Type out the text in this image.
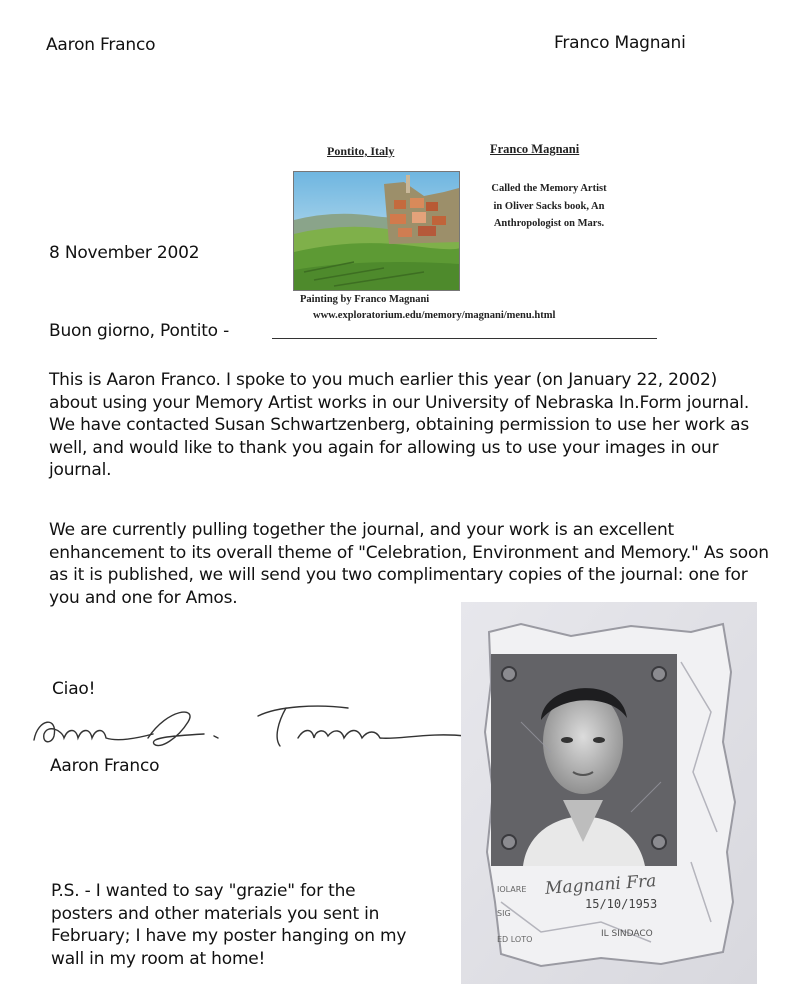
Aaron Franco	Franco Magnani
Pontito, Italy	Franco Magnani
Called the Memory Artist in Oliver Sacks book, An Anthropologist on Mars.
Painting by Franco Magnani
www.exploratorium.edu/memory/magnani/menu.html
8 November 2002
Buon giorno, Pontito -
This is Aaron Franco. I spoke to you much earlier this year (on January 22, 2002) about using your Memory Artist works in our University of Nebraska In.Form journal. We have contacted Susan Schwartzenberg, obtaining permission to use her work as well, and would like to thank you again for allowing us to use your images in our journal.
We are currently pulling together the journal, and your work is an excellent enhancement to its overall theme of "Celebration, Environment and Memory." As soon as it is published, we will send you two complimentary copies of the journal: one for you and one for Amos.
Ciao!
Aaron Franco
P.S. - I wanted to say "grazie" for the posters and other materials you sent in February; I have my poster hanging on my wall in my room at home!
IOLARE
SIG
ED LOTO
IL SINDACO
Magnani Fra
15/10/1953
